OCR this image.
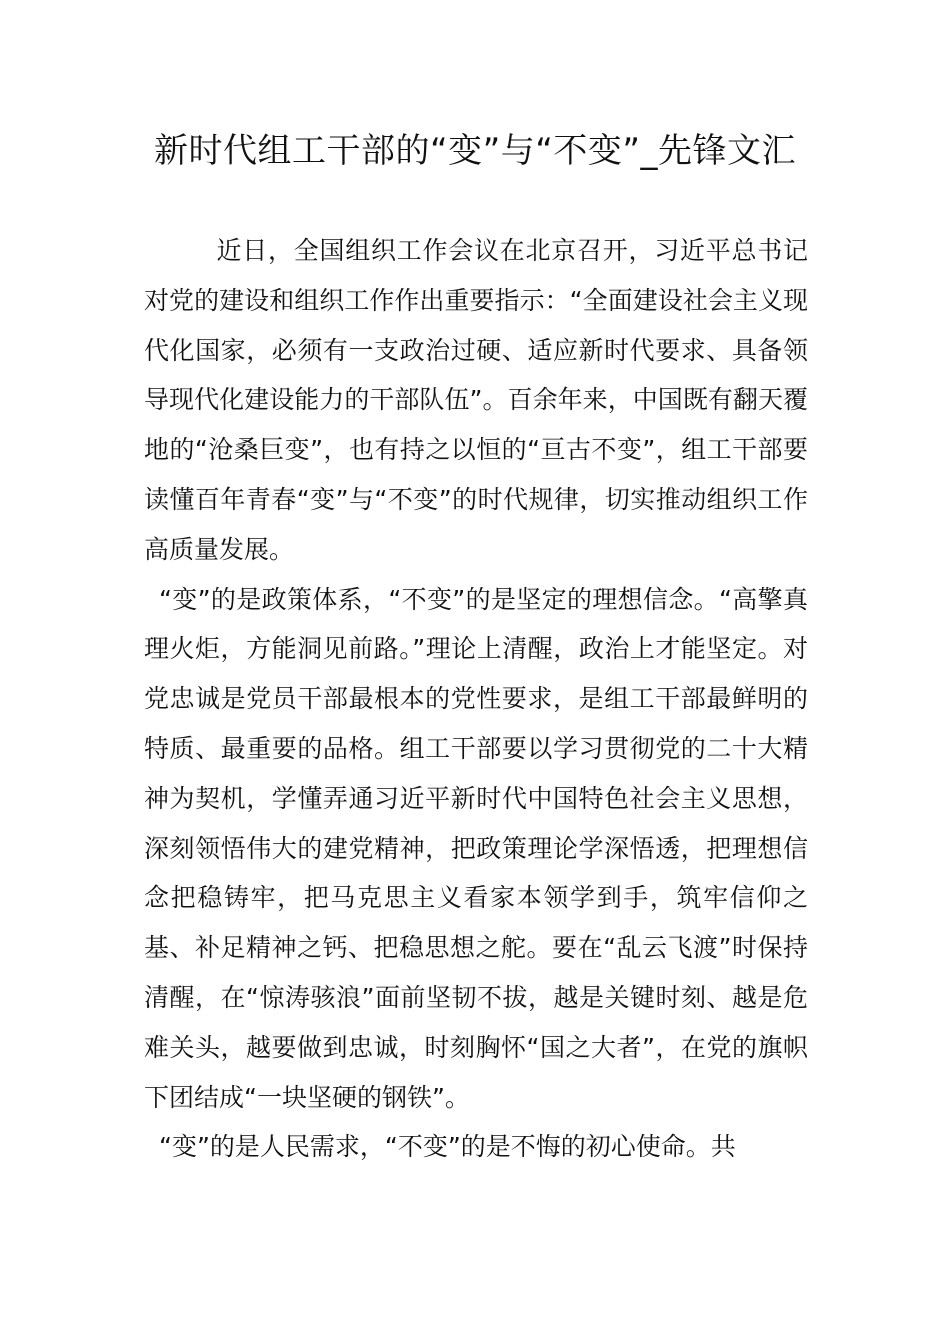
新时代组工干部的“变”与“不变”_先锋文汇

近日，全国组织工作会议在北京召开，习近平总书记对党的建设和组织工作作出重要指示：“全面建设社会主义现代化国家，必须有一支政治过硬、适应新时代要求、具备领导现代化建设能力的干部队伍”。百余年来，中国既有翻天覆地的“沧桑巨变”，也有持之以恒的“亘古不变”，组工干部要读懂百年青春“变”与“不变”的时代规律，切实推动组织工作高质量发展。

“变”的是政策体系，“不变”的是坚定的理想信念。“高擎真理火炬，方能洞见前路。”理论上清醒，政治上才能坚定。对党忠诚是党员干部最根本的党性要求，是组工干部最鲜明的特质、最重要的品格。组工干部要以学习贯彻党的二十大精神为契机，学懂弄通习近平新时代中国特色社会主义思想，深刻领悟伟大的建党精神，把政策理论学深悟透，把理想信念把稳铸牢，把马克思主义看家本领学到手，筑牢信仰之基、补足精神之钙、把稳思想之舵。要在“乱云飞渡”时保持清醒，在“惊涛骇浪”面前坚韧不拔，越是关键时刻、越是危难关头，越要做到忠诚，时刻胸怀“国之大者”，在党的旗帜下团结成“一块坚硬的钢铁”。

“变”的是人民需求，“不变”的是不悔的初心使命。共
